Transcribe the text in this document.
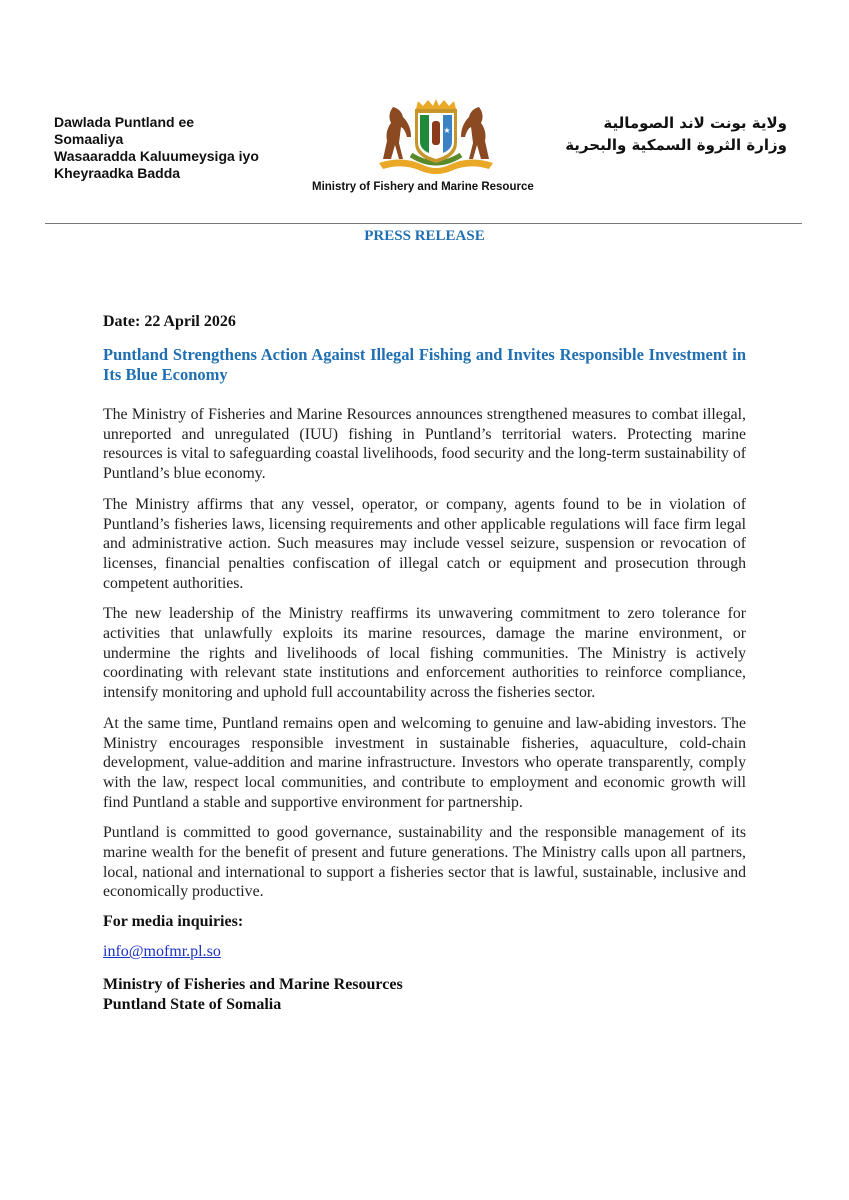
Dawlada Puntland ee
Somaaliya
Wasaaradda Kaluumeysiga iyo
Kheyraadka Badda
★
Ministry of Fishery and Marine Resource
ولاية بونت لاند الصومالية
وزارة الثروة السمكية والبحرية
PRESS RELEASE
Date: 22 April 2026
Puntland Strengthens Action Against Illegal Fishing and Invites Responsible Investment in Its Blue Economy

The Ministry of Fisheries and Marine Resources announces strengthened measures to combat illegal, unreported and unregulated (IUU) fishing in Puntland’s territorial waters. Protecting marine resources is vital to safeguarding coastal livelihoods, food security and the long-term sustainability of Puntland’s blue economy.

The Ministry affirms that any vessel, operator, or company, agents found to be in violation of Puntland’s fisheries laws, licensing requirements and other applicable regulations will face firm legal and administrative action. Such measures may include vessel seizure, suspension or revocation of licenses, financial penalties confiscation of illegal catch or equipment and prosecution through competent authorities.

The new leadership of the Ministry reaffirms its unwavering commitment to zero tolerance for activities that unlawfully exploits its marine resources, damage the marine environment, or undermine the rights and livelihoods of local fishing communities. The Ministry is actively coordinating with relevant state institutions and enforcement authorities to reinforce compliance, intensify monitoring and uphold full accountability across the fisheries sector.

At the same time, Puntland remains open and welcoming to genuine and law-abiding investors. The Ministry encourages responsible investment in sustainable fisheries, aquaculture, cold-chain development, value-addition and marine infrastructure. Investors who operate transparently, comply with the law, respect local communities, and contribute to employment and economic growth will find Puntland a stable and supportive environment for partnership.

Puntland is committed to good governance, sustainability and the responsible management of its marine wealth for the benefit of present and future generations. The Ministry calls upon all partners, local, national and international to support a fisheries sector that is lawful, sustainable, inclusive and economically productive.

For media inquiries:
info@mofmr.pl.so
Ministry of Fisheries and Marine Resources
Puntland State of Somalia
